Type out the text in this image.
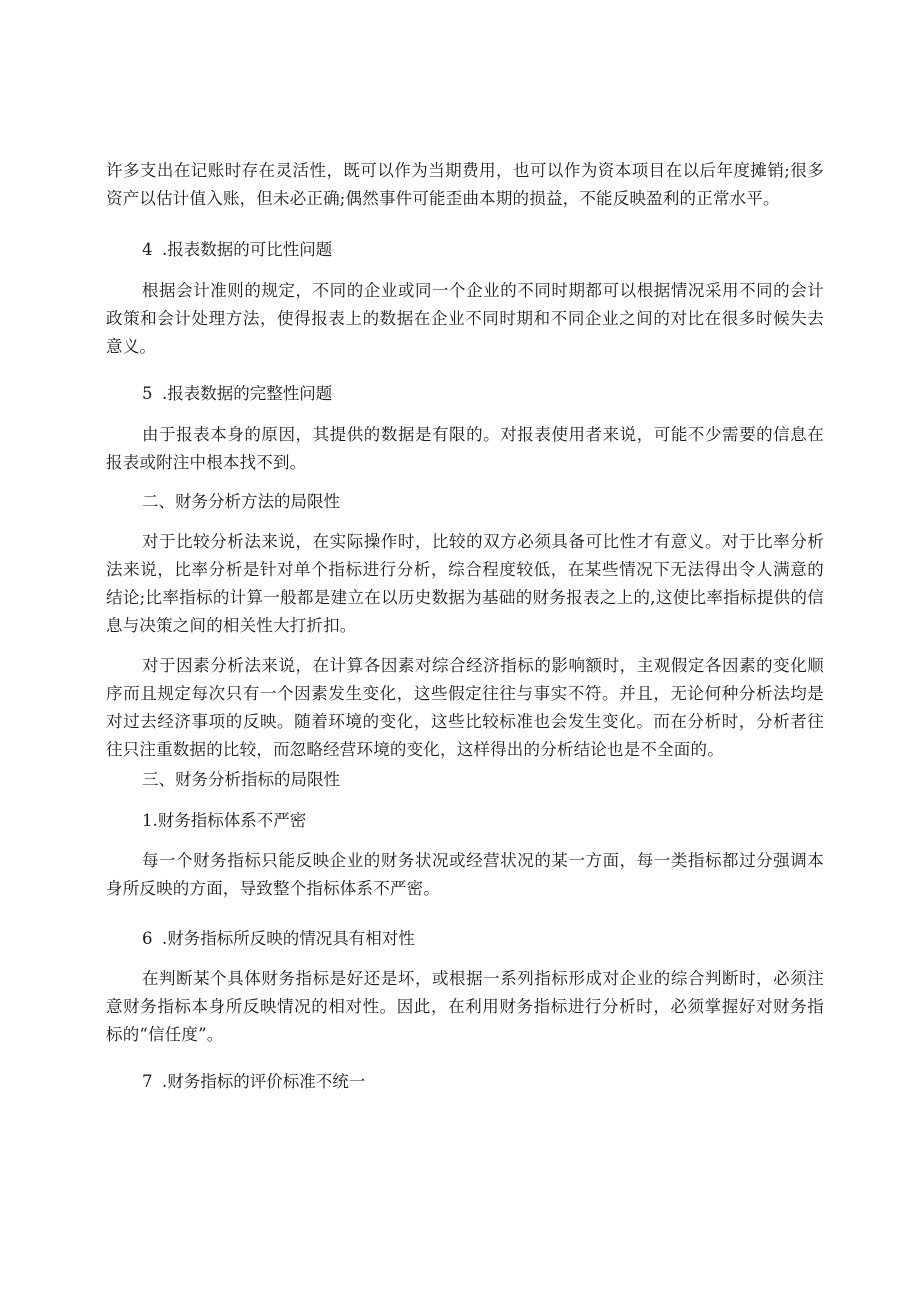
许多支出在记账时存在灵活性，既可以作为当期费用，也可以作为资本项目在以后年度摊销;很多资产以估计值入账，但未必正确;偶然事件可能歪曲本期的损益，不能反映盈利的正常水平。

4 .报表数据的可比性问题

根据会计准则的规定，不同的企业或同一个企业的不同时期都可以根据情况采用不同的会计政策和会计处理方法，使得报表上的数据在企业不同时期和不同企业之间的对比在很多时候失去意义。

5 .报表数据的完整性问题

由于报表本身的原因，其提供的数据是有限的。对报表使用者来说，可能不少需要的信息在报表或附注中根本找不到。

二、财务分析方法的局限性

对于比较分析法来说，在实际操作时，比较的双方必须具备可比性才有意义。对于比率分析法来说，比率分析是针对单个指标进行分析，综合程度较低，在某些情况下无法得出令人满意的结论;比率指标的计算一般都是建立在以历史数据为基础的财务报表之上的,这使比率指标提供的信息与决策之间的相关性大打折扣。

对于因素分析法来说，在计算各因素对综合经济指标的影响额时，主观假定各因素的变化顺序而且规定每次只有一个因素发生变化，这些假定往往与事实不符。并且，无论何种分析法均是对过去经济事项的反映。随着环境的变化，这些比较标准也会发生变化。而在分析时，分析者往往只注重数据的比较，而忽略经营环境的变化，这样得出的分析结论也是不全面的。

三、财务分析指标的局限性

1.财务指标体系不严密

每一个财务指标只能反映企业的财务状况或经营状况的某一方面，每一类指标都过分强调本身所反映的方面，导致整个指标体系不严密。

6 .财务指标所反映的情况具有相对性

在判断某个具体财务指标是好还是坏，或根据一系列指标形成对企业的综合判断时，必须注意财务指标本身所反映情况的相对性。因此，在利用财务指标进行分析时，必须掌握好对财务指标的“信任度”。

7 .财务指标的评价标准不统一
